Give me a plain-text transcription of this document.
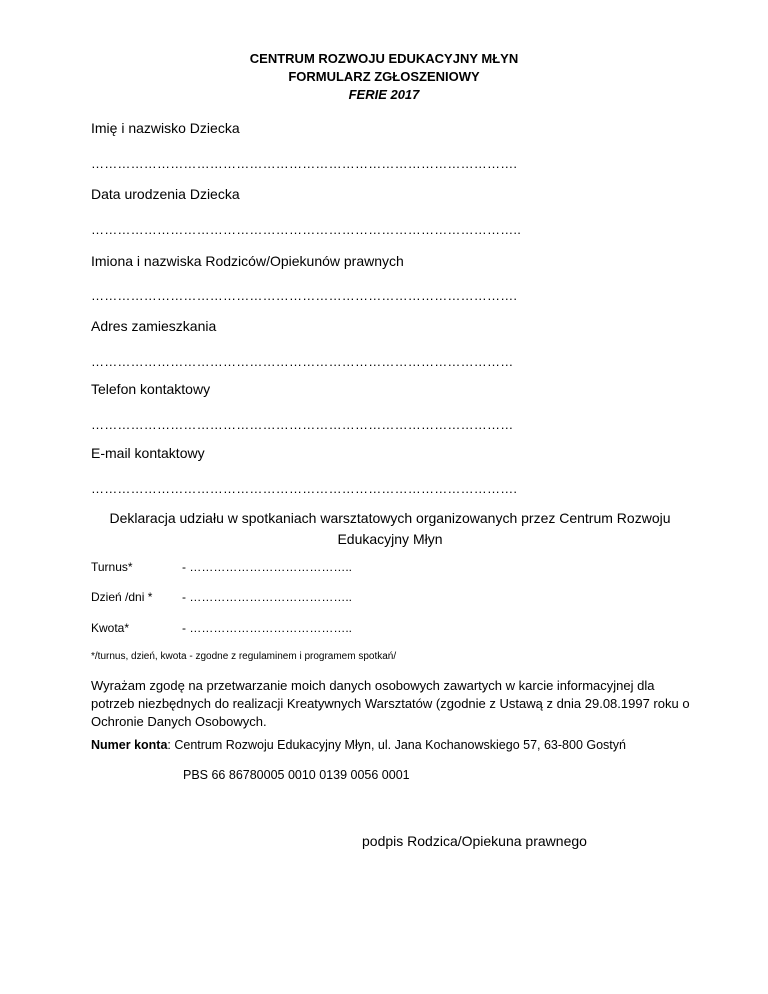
CENTRUM ROZWOJU EDUKACYJNY MŁYN
FORMULARZ ZGŁOSZENIOWY
FERIE 2017
Imię i nazwisko Dziecka
…………………………………………………………………………………….
Data urodzenia Dziecka
……………………………………………………………………………………..
Imiona i nazwiska Rodziców/Opiekunów prawnych
…………………………………………………………………………………….
Adres zamieszkania
……………………………………………………………………………………
Telefon kontaktowy
……………………………………………………………………………………
E-mail kontaktowy
…………………………………………………………………………………….
Deklaracja udziału w spotkaniach warsztatowych organizowanych przez Centrum Rozwoju Edukacyjny Młyn
Turnus*	- …………………………………..
Dzień /dni * - …………………………………..
Kwota*	- …………………………………..
*/turnus, dzień, kwota - zgodne z regulaminem i programem spotkań/
Wyrażam zgodę na przetwarzanie moich danych osobowych zawartych w karcie informacyjnej dla potrzeb niezbędnych do realizacji Kreatywnych Warsztatów (zgodnie z Ustawą z dnia 29.08.1997 roku o Ochronie Danych Osobowych.
Numer konta: Centrum Rozwoju Edukacyjny Młyn, ul. Jana Kochanowskiego 57, 63-800 Gostyń
PBS 66 86780005 0010 0139 0056 0001
podpis Rodzica/Opiekuna prawnego
